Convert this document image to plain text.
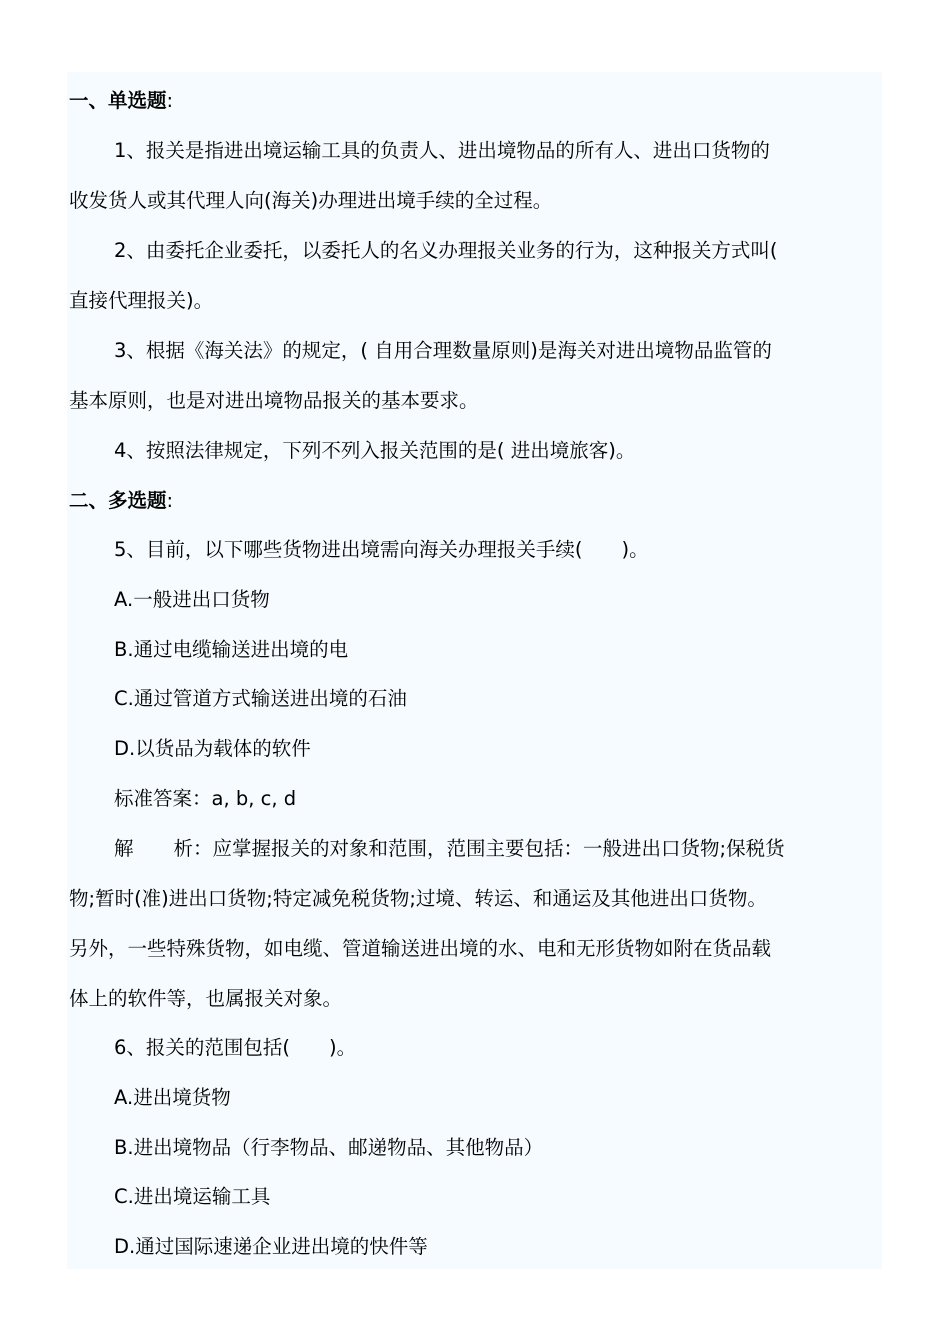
一、单选题:
1、报关是指进出境运输工具的负责人、进出境物品的所有人、进出口货物的
收发货人或其代理人向(海关)办理进出境手续的全过程。
2、由委托企业委托，以委托人的名义办理报关业务的行为，这种报关方式叫(
直接代理报关)。
3、根据《海关法》的规定，( 自用合理数量原则)是海关对进出境物品监管的
基本原则，也是对进出境物品报关的基本要求。
4、按照法律规定，下列不列入报关范围的是( 进出境旅客)。
二、多选题:
5、目前，以下哪些货物进出境需向海关办理报关手续(　　)。
A.一般进出口货物
B.通过电缆输送进出境的电
C.通过管道方式输送进出境的石油
D.以货品为载体的软件
标准答案：a, b, c, d
解 析：应掌握报关的对象和范围，范围主要包括：一般进出口货物;保税货
物;暂时(准)进出口货物;特定减免税货物;过境、转运、和通运及其他进出口货物。
另外，一些特殊货物，如电缆、管道输送进出境的水、电和无形货物如附在货品载
体上的软件等，也属报关对象。
6、报关的范围包括(　　)。
A.进出境货物
B.进出境物品（行李物品、邮递物品、其他物品）
C.进出境运输工具
D.通过国际速递企业进出境的快件等
